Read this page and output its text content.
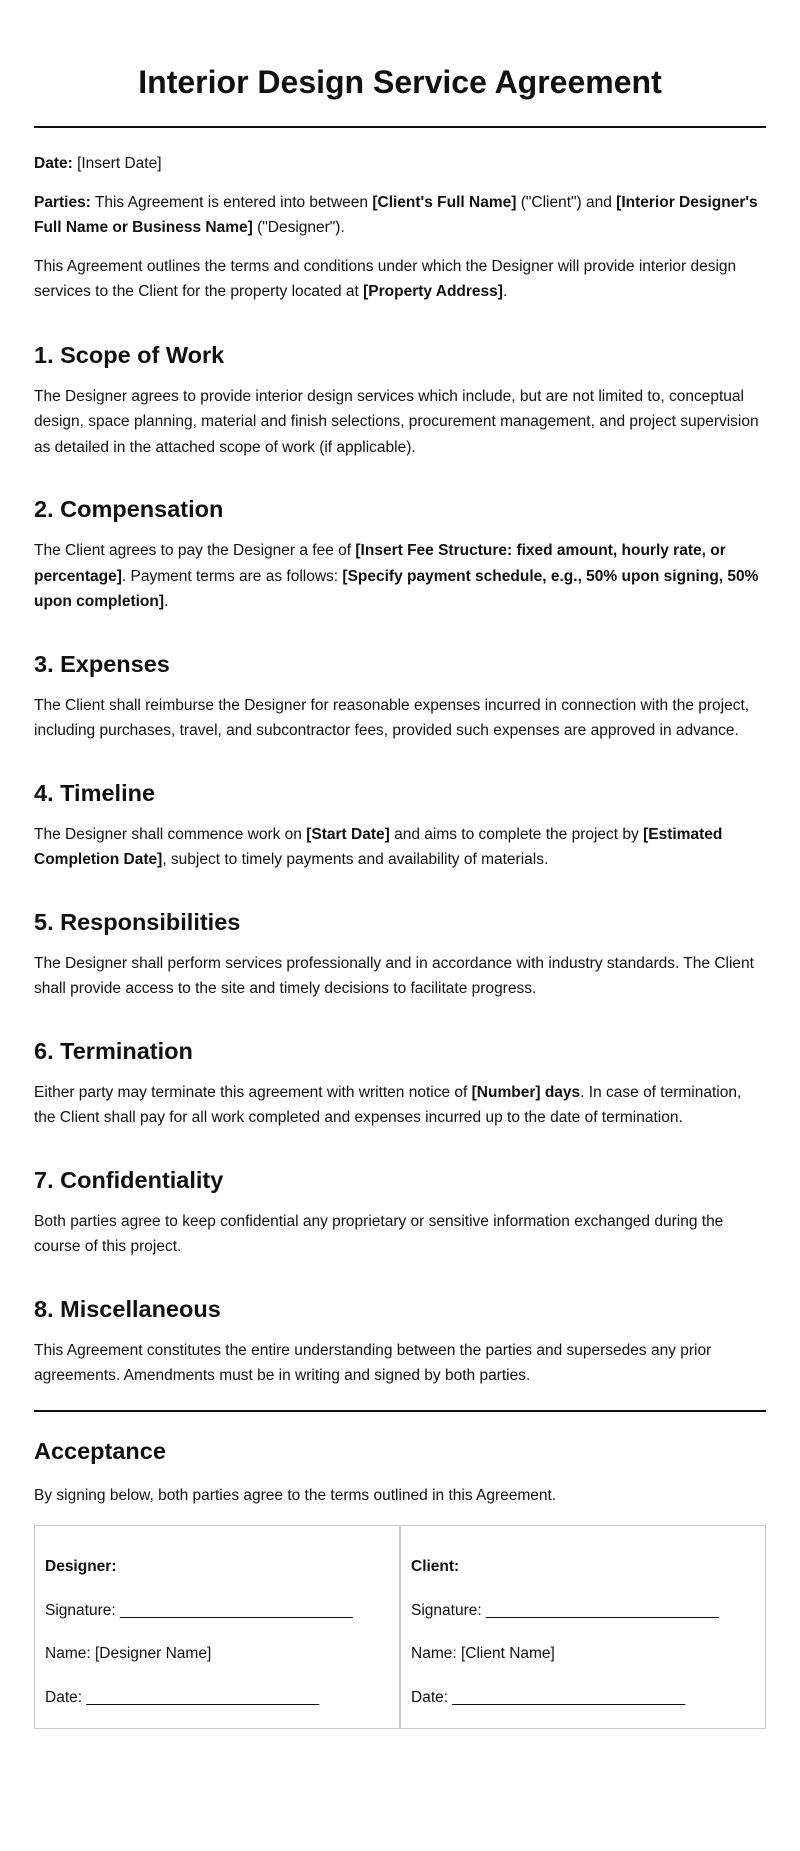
Interior Design Service Agreement

Date: [Insert Date]

Parties: This Agreement is entered into between [Client's Full Name] ("Client") and [Interior Designer's Full Name or Business Name] ("Designer").

This Agreement outlines the terms and conditions under which the Designer will provide interior design services to the Client for the property located at [Property Address].

1. Scope of Work

The Designer agrees to provide interior design services which include, but are not limited to, conceptual design, space planning, material and finish selections, procurement management, and project supervision as detailed in the attached scope of work (if applicable).

2. Compensation

The Client agrees to pay the Designer a fee of [Insert Fee Structure: fixed amount, hourly rate, or percentage]. Payment terms are as follows: [Specify payment schedule, e.g., 50% upon signing, 50% upon completion].

3. Expenses

The Client shall reimburse the Designer for reasonable expenses incurred in connection with the project, including purchases, travel, and subcontractor fees, provided such expenses are approved in advance.

4. Timeline

The Designer shall commence work on [Start Date] and aims to complete the project by [Estimated Completion Date], subject to timely payments and availability of materials.

5. Responsibilities

The Designer shall perform services professionally and in accordance with industry standards. The Client shall provide access to the site and timely decisions to facilitate progress.

6. Termination

Either party may terminate this agreement with written notice of [Number] days. In case of termination, the Client shall pay for all work completed and expenses incurred up to the date of termination.

7. Confidentiality

Both parties agree to keep confidential any proprietary or sensitive information exchanged during the course of this project.

8. Miscellaneous

This Agreement constitutes the entire understanding between the parties and supersedes any prior agreements. Amendments must be in writing and signed by both parties.

Acceptance

By signing below, both parties agree to the terms outlined in this Agreement.

Designer:

Signature: ___________________________

Name: [Designer Name]

Date: ___________________________

Client:

Signature: ___________________________

Name: [Client Name]

Date: ___________________________
